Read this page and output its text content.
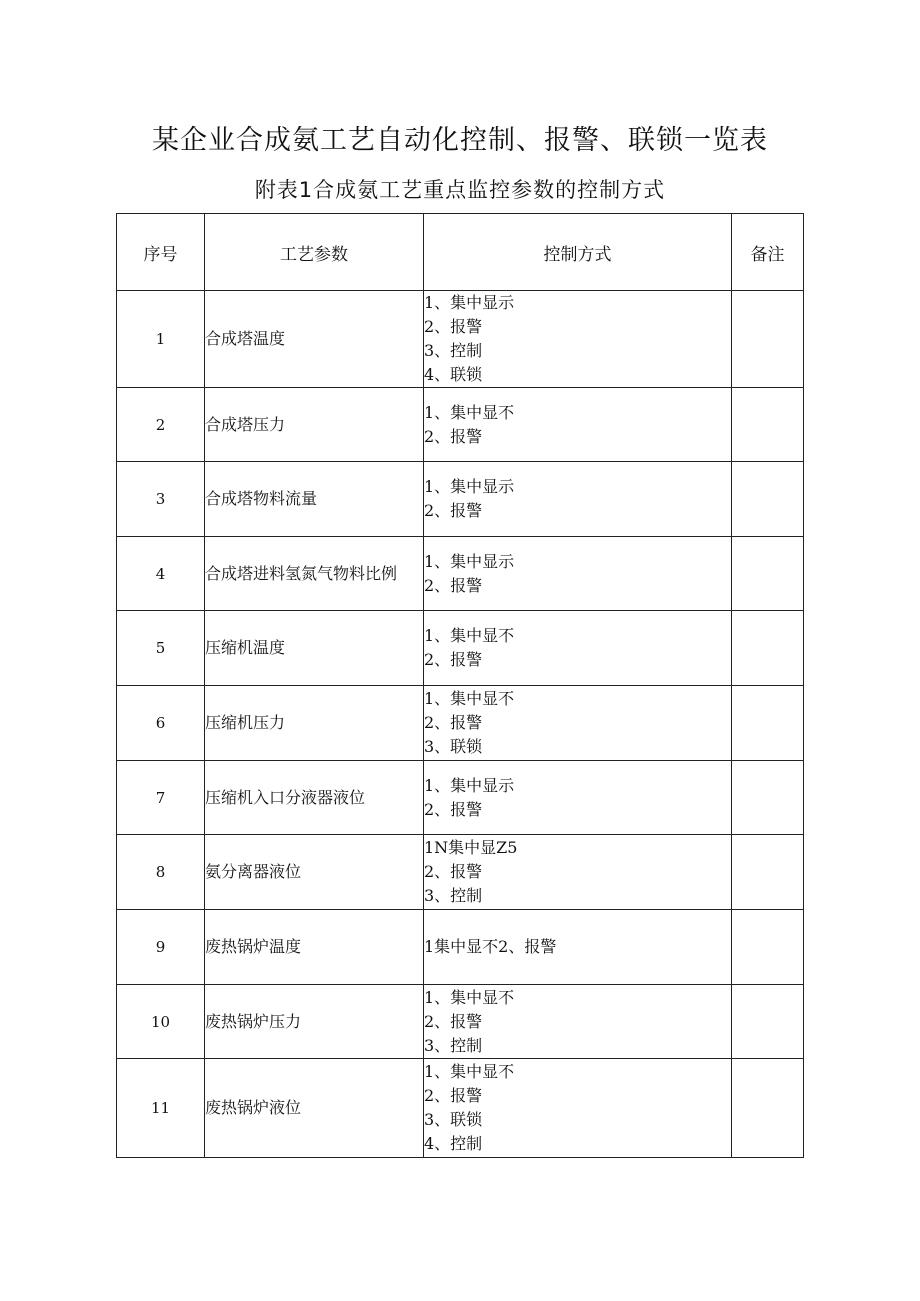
某企业合成氨工艺自动化控制、报警、联锁一览表
附表1合成氨工艺重点监控参数的控制方式
序号	工艺参数	控制方式	备注
1	合成塔温度	1、集中显示
2、报警
3、控制
4、联锁	

2	合成塔压力	1、集中显不
2、报警	

3	合成塔物料流量	1、集中显示
2、报警	

4	合成塔进料氢氮气物料比例	1、集中显示
2、报警	

5	压缩机温度	1、集中显不
2、报警	

6	压缩机压力	1、集中显不
2、报警
3、联锁	

7	压缩机入口分液器液位	1、集中显示
2、报警	

8	氨分离器液位	1N集中显Z5
2、报警
3、控制	

9	废热锅炉温度	1集中显不2、报警	

10	废热锅炉压力	1、集中显不
2、报警
3、控制	

11	废热锅炉液位	1、集中显不
2、报警
3、联锁
4、控制	
